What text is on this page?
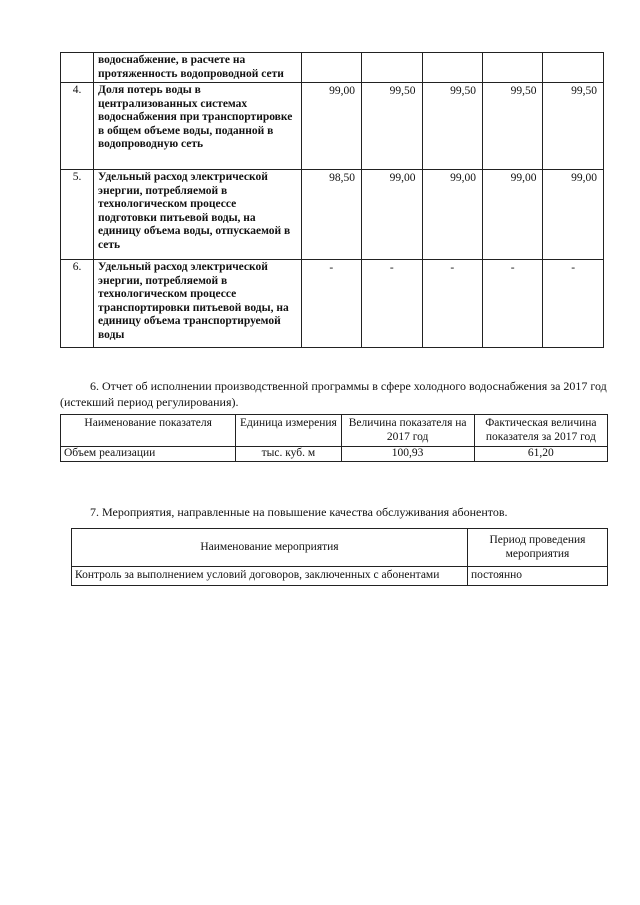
	водоснабжение, в расчете на протяженность водопроводной сети					
4.	Доля потерь воды в централизованных системах водоснабжения при транспортировке в общем объеме воды, поданной в водопроводную сеть	99,00	99,50	99,50	99,50	99,50
5.	Удельный расход электрической энергии, потребляемой в технологическом процессе подготовки питьевой воды, на единицу объема воды, отпускаемой в сеть	98,50	99,00	99,00	99,00	99,00
6.	Удельный расход электрической энергии, потребляемой в технологическом процессе транспортировки питьевой воды, на единицу объема транспортируемой воды	-	-	-	-	-
6. Отчет об исполнении производственной программы в сфере холодного водоснабжения за 2017 год (истекший период регулирования).
Наименование показателя	Единица измерения	Величина показателя на 2017 год	Фактическая величина показателя за 2017 год
Объем реализации	тыс. куб. м	100,93	61,20
7. Мероприятия, направленные на повышение качества обслуживания абонентов.
Наименование мероприятия	Период проведения мероприятия
Контроль за выполнением условий договоров, заключенных с абонентами	постоянно
